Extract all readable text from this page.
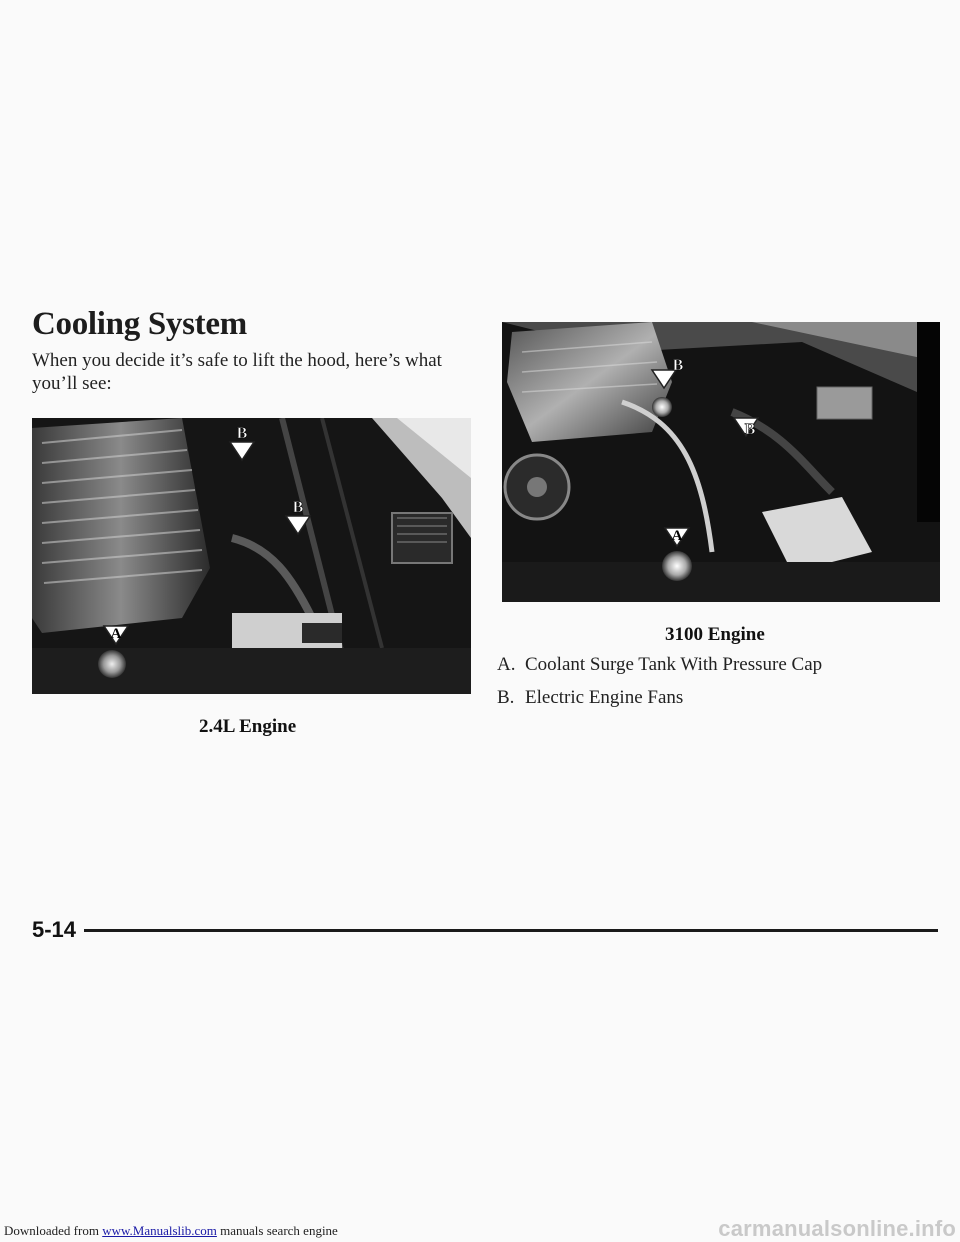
Cooling System
When you decide it’s safe to lift the hood, here’s what you’ll see:
B
B
A
2.4L Engine
B
B
A
3100 Engine
A. Coolant Surge Tank With Pressure Cap
B. Electric Engine Fans
5-14
Downloaded from www.Manualslib.com manuals search engine	carmanualsonline.info
